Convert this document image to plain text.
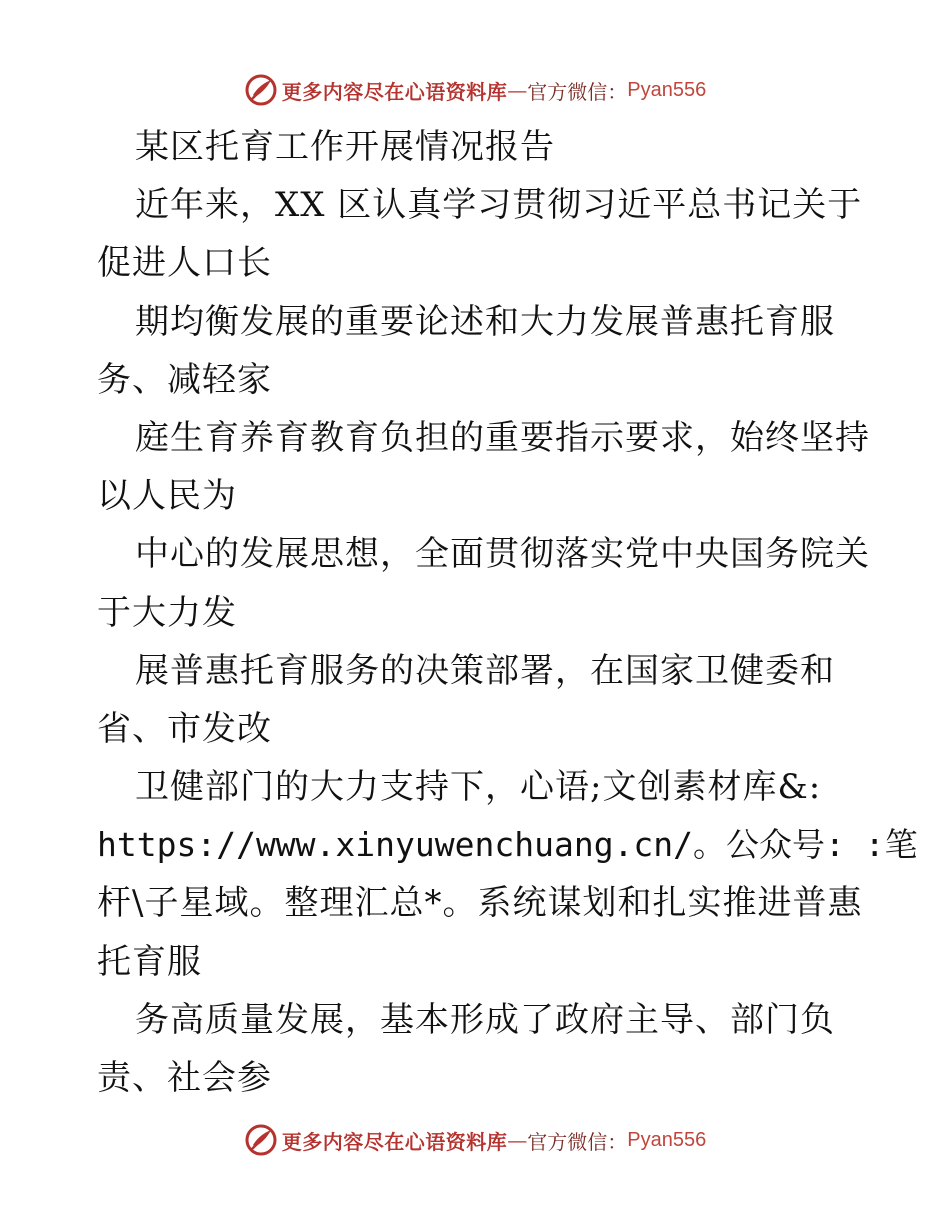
更多内容尽在心语资料库 — 官方微信： Pyan556
某区托育工作开展情况报告
近年来，XX 区认真学习贯彻习近平总书记关于
促进人口长
期均衡发展的重要论述和大力发展普惠托育服
务、减轻家
庭生育养育教育负担的重要指示要求，始终坚持
以人民为
中心的发展思想，全面贯彻落实党中央国务院关
于大力发
展普惠托育服务的决策部署，在国家卫健委和
省、市发改
卫健部门的大力支持下，心语;文创素材库&:
https://www.xinyuwenchuang.cn/。公众号: :笔
杆\子星域。整理汇总*。系统谋划和扎实推进普惠
托育服
务高质量发展，基本形成了政府主导、部门负
责、社会参
更多内容尽在心语资料库 — 官方微信： Pyan556
